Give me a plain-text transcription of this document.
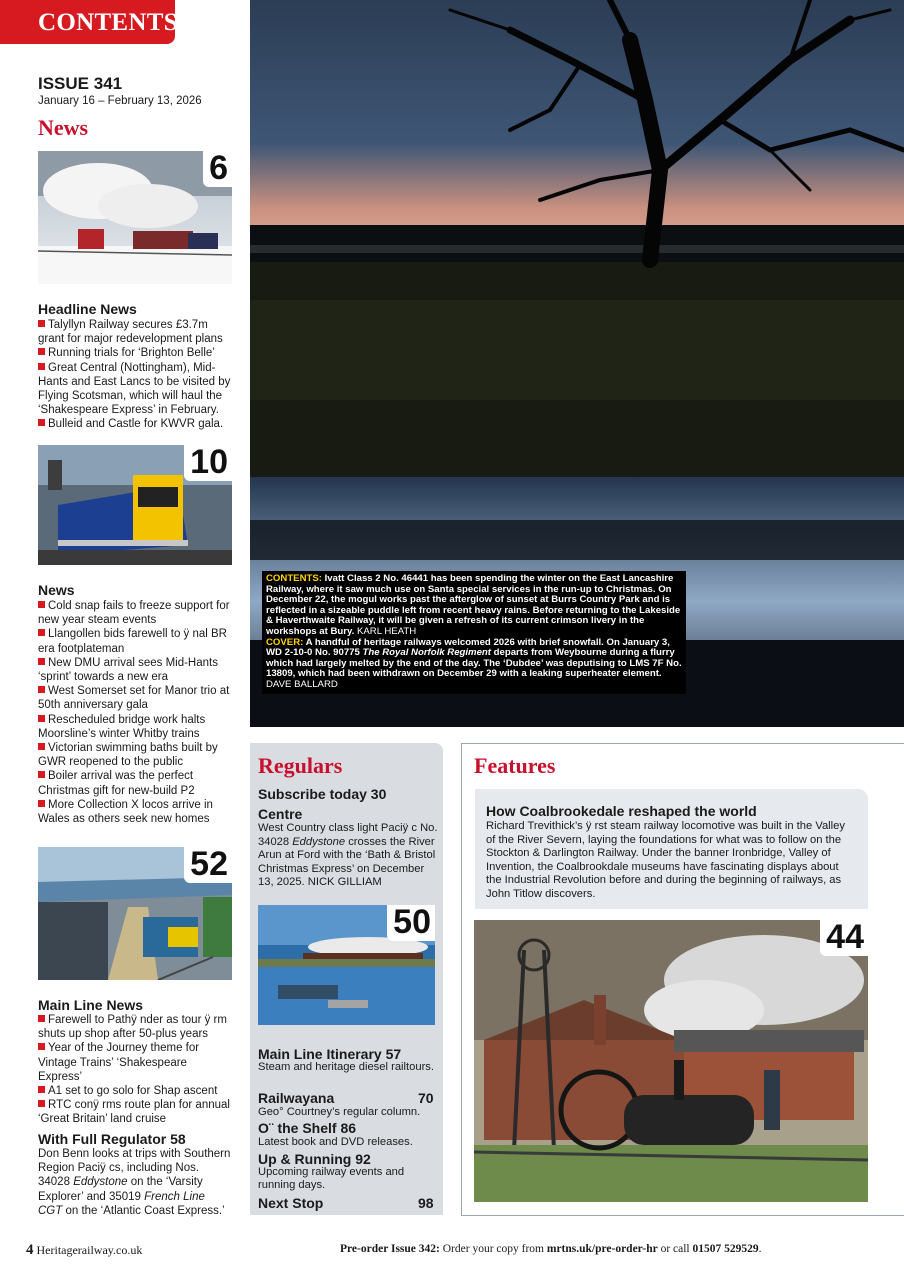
CONTENTS
ISSUE 341
January 16 – February 13, 2026
News
6
Headline News

Talyllyn Railway secures £3.7m grant for major redevelopment plans

Running trials for ‘Brighton Belle’

Great Central (Nottingham), Mid-Hants and East Lancs to be visited by Flying Scotsman, which will haul the ‘Shakespeare Express’ in February.

Bulleid and Castle for KWVR gala.

10
News

Cold snap fails to freeze support for new year steam events

Llangollen bids farewell to ÿ nal BR era footplateman

New DMU arrival sees Mid-Hants ‘sprint’ towards a new era

West Somerset set for Manor trio at 50th anniversary gala

Rescheduled bridge work halts Moorsline’s winter Whitby trains

Victorian swimming baths built by GWR reopened to the public

Boiler arrival was the perfect Christmas gift for new-build P2

More Collection X locos arrive in Wales as others seek new homes

52
Main Line News

Farewell to Pathÿ nder as tour ÿ rm shuts up shop after 50-plus years

Year of the Journey theme for Vintage Trains’ ‘Shakespeare Express’

A1 set to go solo for Shap ascent

RTC conÿ rms route plan for annual ‘Great Britain’ land cruise

With Full Regulator 58
Don Benn looks at trips with Southern Region Paciÿ cs, including Nos. 34028 Eddystone on the ‘Varsity Explorer’ and 35019 French Line CGT on the ‘Atlantic Coast Express.’
CONTENTS: Ivatt Class 2 No. 46441 has been spending the winter on the East Lancashire Railway, where it saw much use on Santa special services in the run-up to Christmas. On December 22, the mogul works past the afterglow of sunset at Burrs Country Park and is reflected in a sizeable puddle left from recent heavy rains. Before returning to the Lakeside & Haverthwaite Railway, it will be given a refresh of its current crimson livery in the workshops at Bury. KARL HEATH
COVER: A handful of heritage railways welcomed 2026 with brief snowfall. On January 3, WD 2-10-0 No. 90775 The Royal Norfolk Regiment departs from Weybourne during a flurry which had largely melted by the end of the day. The ‘Dubdee’ was deputising to LMS 7F No. 13809, which had been withdrawn on December 29 with a leaking superheater element. DAVE BALLARD
Regulars
Subscribe today 30
Centre
West Country class light Paciÿ c No. 34028 Eddystone crosses the River Arun at Ford with the ‘Bath & Bristol Christmas Express’ on December 13, 2025. NICK GILLIAM
50
Main Line Itinerary 57
Steam and heritage diesel railtours.
Railwayana	70
Geo° Courtney’s regular column.
O¨ the Shelf 86
Latest book and DVD releases.
Up & Running 92
Upcoming railway events and running days.
Next Stop	98
Features
How Coalbrookedale reshaped the world
Richard Trevithick’s ÿ rst steam railway locomotive was built in the Valley of the River Severn, laying the foundations for what was to follow on the Stockton & Darlington Railway. Under the banner Ironbridge, Valley of Invention, the Coalbrookdale museums have fascinating displays about the Industrial Revolution before and during the beginning of railways, as John Titlow discovers.
44
4 Heritagerailway.co.uk	Pre-order Issue 342: Order your copy from mrtns.uk/pre-order-hr or call 01507 529529.
